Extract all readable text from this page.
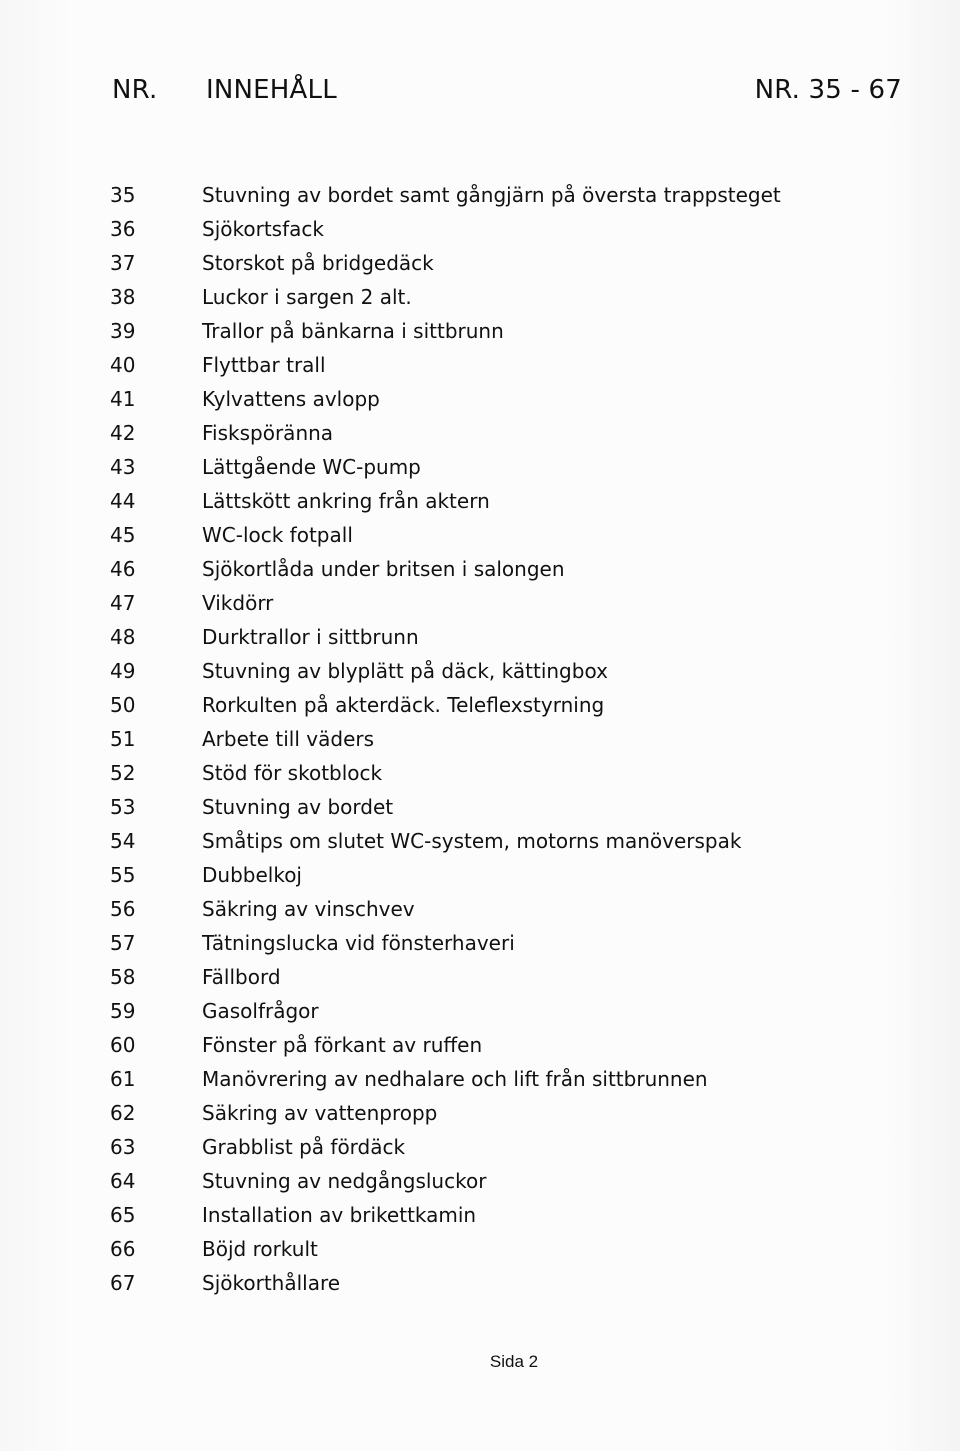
NR. INNEHÅLL	NR. 35 - 67
35	Stuvning av bordet samt gångjärn på översta trappsteget
36	Sjökortsfack
37	Storskot på bridgedäck
38	Luckor i sargen 2 alt.
39	Trallor på bänkarna i sittbrunn
40	Flyttbar trall
41	Kylvattens avlopp
42	Fiskspöränna
43	Lättgående WC-pump
44	Lättskött ankring från aktern
45	WC-lock fotpall
46	Sjökortlåda under britsen i salongen
47	Vikdörr
48	Durktrallor i sittbrunn
49	Stuvning av blyplätt på däck, kättingbox
50	Rorkulten på akterdäck. Teleflexstyrning
51	Arbete till väders
52	Stöd för skotblock
53	Stuvning av bordet
54	Småtips om slutet WC-system, motorns manöverspak
55	Dubbelkoj
56	Säkring av vinschvev
57	Tätningslucka vid fönsterhaveri
58	Fällbord
59	Gasolfrågor
60	Fönster på förkant av ruffen
61	Manövrering av nedhalare och lift från sittbrunnen
62	Säkring av vattenpropp
63	Grabblist på fördäck
64	Stuvning av nedgångsluckor
65	Installation av brikettkamin
66	Böjd rorkult
67	Sjökorthållare
Sida 2
